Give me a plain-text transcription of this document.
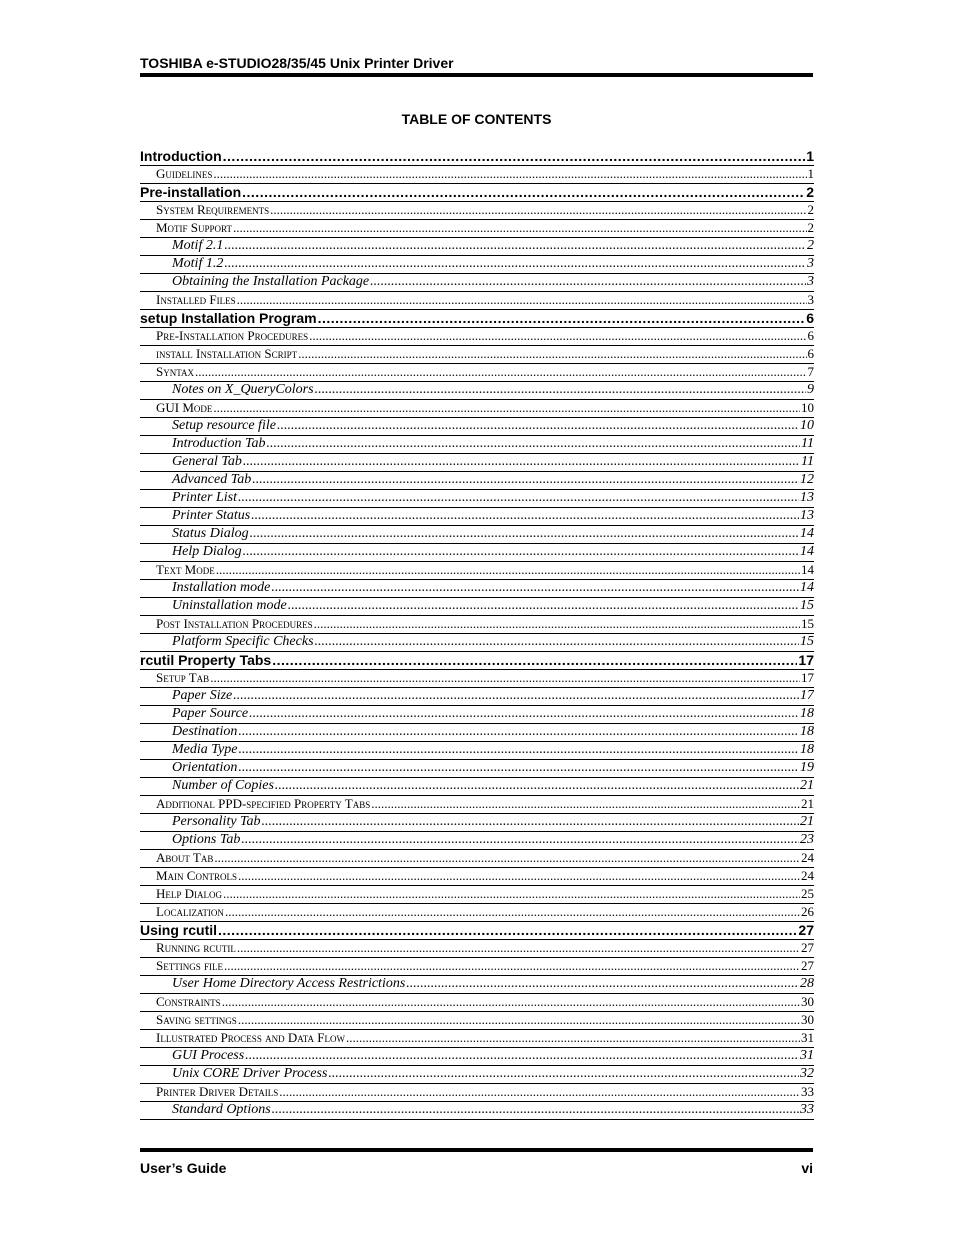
TOSHIBA e-STUDIO28/35/45 Unix Printer Driver
TABLE OF CONTENTS
Introduction .....	1
Guidelines .....	1
Pre-installation .....	2
System Requirements .....	2
Motif Support .....	2
Motif 2.1 .....	2
Motif 1.2 .....	3
Obtaining the Installation Package .....	3
Installed Files .....	3
setup Installation Program .....	6
Pre-Installation Procedures .....	6
install Installation Script .....	6
Syntax .....	7
Notes on X_QueryColors .....	9
GUI Mode .....	10
Setup resource file .....	10
Introduction Tab .....	11
General Tab .....	11
Advanced Tab .....	12
Printer List .....	13
Printer Status .....	13
Status Dialog .....	14
Help Dialog .....	14
Text Mode .....	14
Installation mode .....	14
Uninstallation mode .....	15
Post Installation Procedures .....	15
Platform Specific Checks .....	15
rcutil Property Tabs .....	17
Setup Tab .....	17
Paper Size .....	17
Paper Source .....	18
Destination .....	18
Media Type .....	18
Orientation .....	19
Number of Copies .....	21
Additional PPD-specified Property Tabs .....	21
Personality Tab .....	21
Options Tab .....	23
About Tab .....	24
Main Controls .....	24
Help Dialog .....	25
Localization .....	26
Using rcutil .....	27
Running rcutil .....	27
Settings file .....	27
User Home Directory Access Restrictions .....	28
Constraints .....	30
Saving settings .....	30
Illustrated Process and Data Flow .....	31
GUI Process .....	31
Unix CORE Driver Process .....	32
Printer Driver Details .....	33
Standard Options .....	33
User’s Guide	vi
